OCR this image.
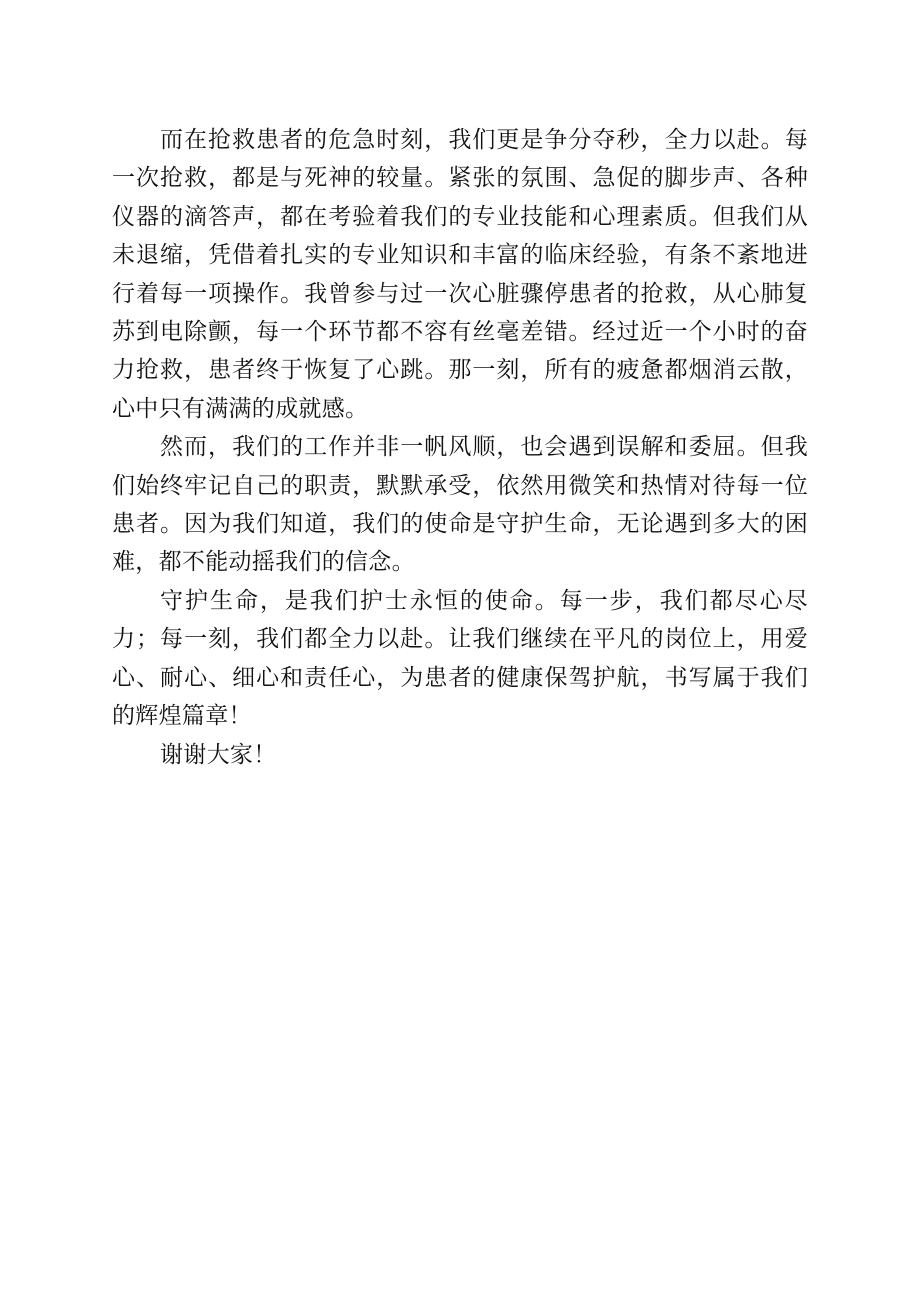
而在抢救患者的危急时刻，我们更是争分夺秒，全力以赴。每一次抢救，都是与死神的较量。紧张的氛围、急促的脚步声、各种仪器的滴答声，都在考验着我们的专业技能和心理素质。但我们从未退缩，凭借着扎实的专业知识和丰富的临床经验，有条不紊地进行着每一项操作。我曾参与过一次心脏骤停患者的抢救，从心肺复苏到电除颤，每一个环节都不容有丝毫差错。经过近一个小时的奋力抢救，患者终于恢复了心跳。那一刻，所有的疲惫都烟消云散，心中只有满满的成就感。

然而，我们的工作并非一帆风顺，也会遇到误解和委屈。但我们始终牢记自己的职责，默默承受，依然用微笑和热情对待每一位患者。因为我们知道，我们的使命是守护生命，无论遇到多大的困难，都不能动摇我们的信念。

守护生命，是我们护士永恒的使命。每一步，我们都尽心尽力；每一刻，我们都全力以赴。让我们继续在平凡的岗位上，用爱心、耐心、细心和责任心，为患者的健康保驾护航，书写属于我们的辉煌篇章！

谢谢大家！
